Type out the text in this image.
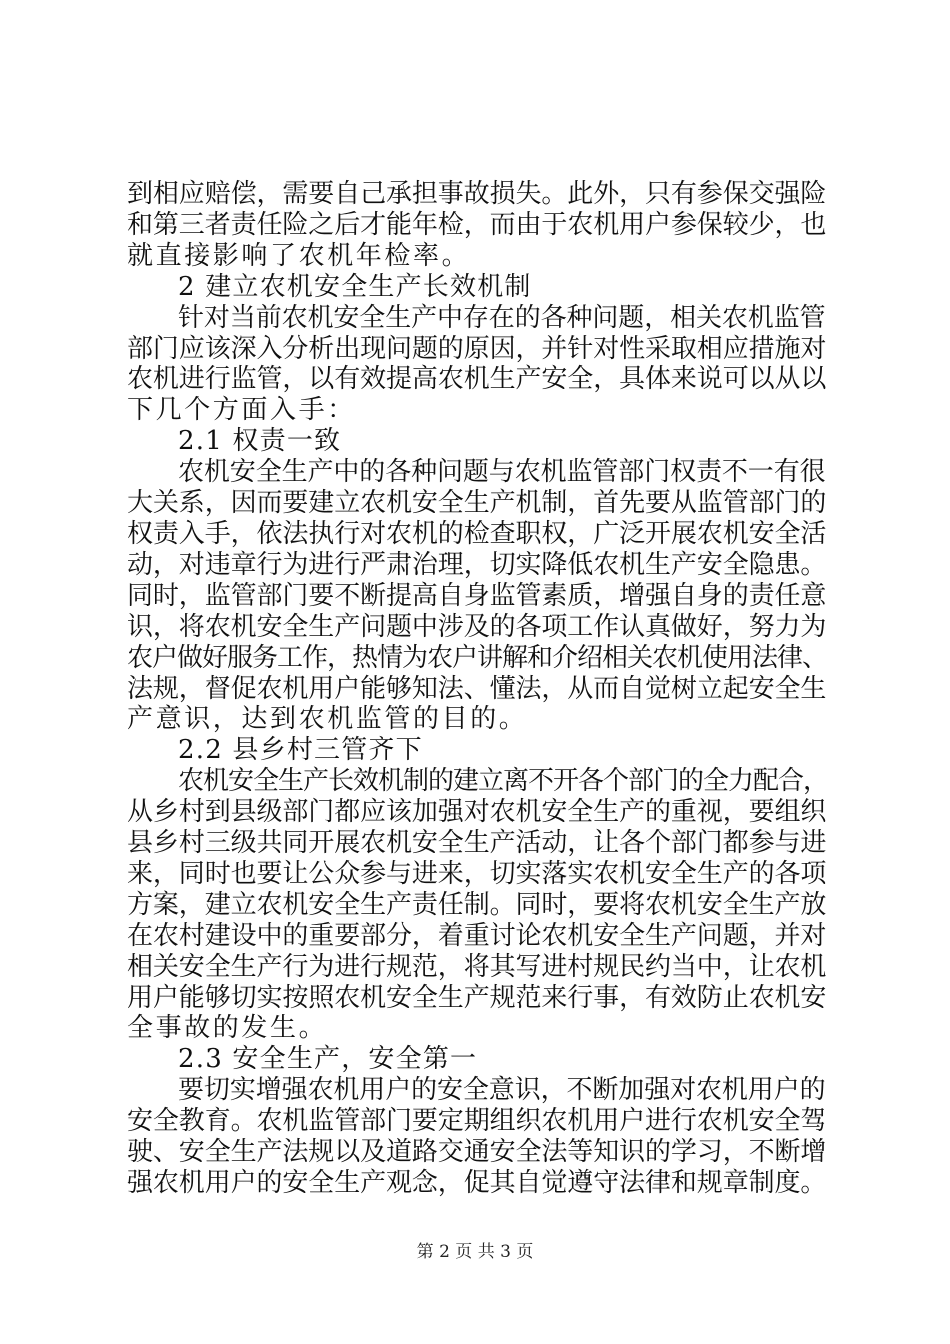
到相应赔偿，需要自己承担事故损失。此外，只有参保交强险
和第三者责任险之后才能年检，而由于农机用户参保较少，也
就直接影响了农机年检率。
2 建立农机安全生产长效机制
针对当前农机安全生产中存在的各种问题，相关农机监管
部门应该深入分析出现问题的原因，并针对性采取相应措施对
农机进行监管，以有效提高农机生产安全，具体来说可以从以
下几个方面入手：
2.1 权责一致
农机安全生产中的各种问题与农机监管部门权责不一有很
大关系，因而要建立农机安全生产机制，首先要从监管部门的
权责入手，依法执行对农机的检查职权，广泛开展农机安全活
动，对违章行为进行严肃治理，切实降低农机生产安全隐患。
同时，监管部门要不断提高自身监管素质，增强自身的责任意
识，将农机安全生产问题中涉及的各项工作认真做好，努力为
农户做好服务工作，热情为农户讲解和介绍相关农机使用法律、
法规，督促农机用户能够知法、懂法，从而自觉树立起安全生
产意识，达到农机监管的目的。
2.2 县乡村三管齐下
农机安全生产长效机制的建立离不开各个部门的全力配合，
从乡村到县级部门都应该加强对农机安全生产的重视，要组织
县乡村三级共同开展农机安全生产活动，让各个部门都参与进
来，同时也要让公众参与进来，切实落实农机安全生产的各项
方案，建立农机安全生产责任制。同时，要将农机安全生产放
在农村建设中的重要部分，着重讨论农机安全生产问题，并对
相关安全生产行为进行规范，将其写进村规民约当中，让农机
用户能够切实按照农机安全生产规范来行事，有效防止农机安
全事故的发生。
2.3 安全生产，安全第一
要切实增强农机用户的安全意识，不断加强对农机用户的
安全教育。农机监管部门要定期组织农机用户进行农机安全驾
驶、安全生产法规以及道路交通安全法等知识的学习，不断增
强农机用户的安全生产观念，促其自觉遵守法律和规章制度。
第 2 页 共 3 页
